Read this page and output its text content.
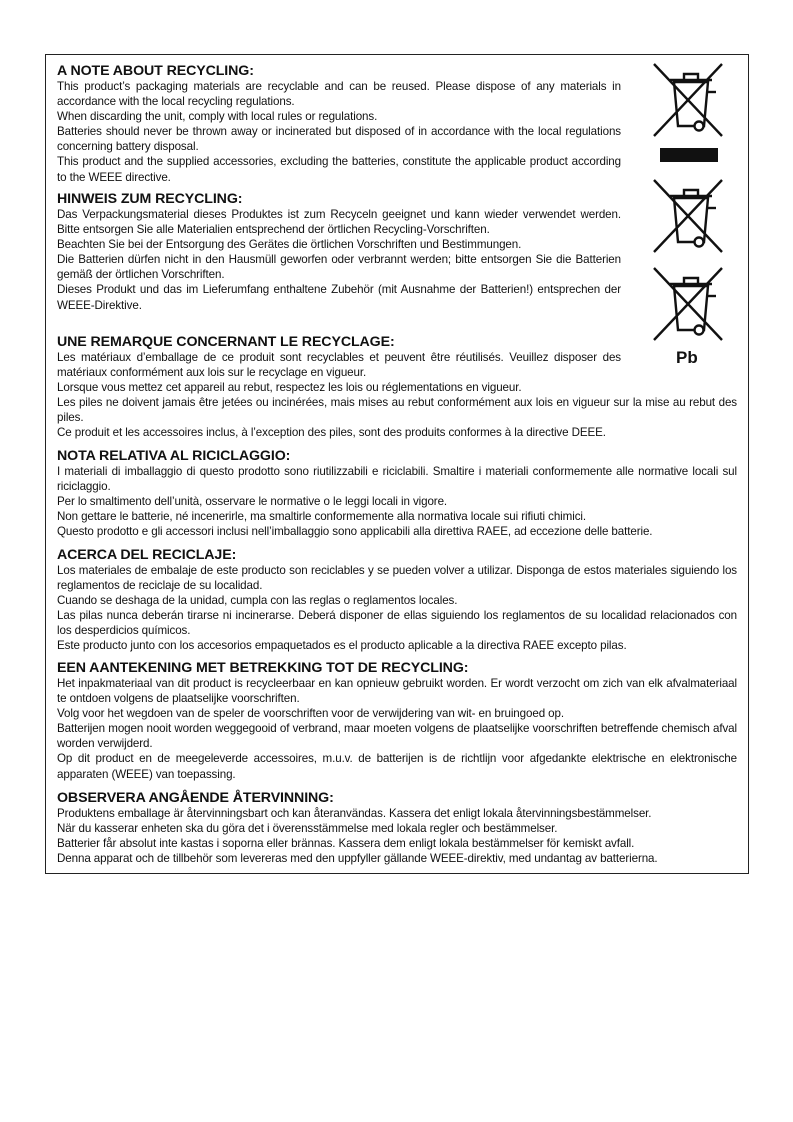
A NOTE ABOUT RECYCLING:

This product’s packaging materials are recyclable and can be reused. Please dispose of any materials in accordance with the local recycling regulations.

When discarding the unit, comply with local rules or regulations.

Batteries should never be thrown away or incinerated but disposed of in accordance with the local regulations concerning battery disposal.

This product and the supplied accessories, excluding the batteries, constitute the applicable product according to the WEEE directive.

HINWEIS ZUM RECYCLING:

Das Verpackungsmaterial dieses Produktes ist zum Recyceln geeignet und kann wieder verwendet werden. Bitte entsorgen Sie alle Materialien entsprechend der örtlichen Recycling-Vorschriften.

Beachten Sie bei der Entsorgung des Gerätes die örtlichen Vorschriften und Bestimmungen.

Die Batterien dürfen nicht in den Hausmüll geworfen oder verbrannt werden; bitte entsorgen Sie die Batterien gemäß der örtlichen Vorschriften.

Dieses Produkt und das im Lieferumfang enthaltene Zubehör (mit Ausnahme der Batterien!) entsprechen der WEEE-Direktive.

UNE REMARQUE CONCERNANT LE RECYCLAGE:

Les matériaux d’emballage de ce produit sont recyclables et peuvent être réutilisés. Veuillez disposer des matériaux conformément aux lois sur le recyclage en vigueur.

Lorsque vous mettez cet appareil au rebut, respectez les lois ou réglementations en vigueur.

Les piles ne doivent jamais être jetées ou incinérées, mais mises au rebut conformément aux lois en vigueur sur la mise au rebut des piles.

Ce produit et les accessoires inclus, à l’exception des piles, sont des produits conformes à la directive DEEE.

NOTA RELATIVA AL RICICLAGGIO:

I materiali di imballaggio di questo prodotto sono riutilizzabili e riciclabili. Smaltire i materiali conformemente alle normative locali sul riciclaggio.

Per lo smaltimento dell’unità, osservare le normative o le leggi locali in vigore.

Non gettare le batterie, né incenerirle, ma smaltirle conformemente alla normativa locale sui rifiuti chimici.

Questo prodotto e gli accessori inclusi nell’imballaggio sono applicabili alla direttiva RAEE, ad eccezione delle batterie.

ACERCA DEL RECICLAJE:

Los materiales de embalaje de este producto son reciclables y se pueden volver a utilizar. Disponga de estos materiales siguiendo los reglamentos de reciclaje de su localidad.

Cuando se deshaga de la unidad, cumpla con las reglas o reglamentos locales.

Las pilas nunca deberán tirarse ni incinerarse. Deberá disponer de ellas siguiendo los reglamentos de su localidad relacionados con los desperdicios químicos.

Este producto junto con los accesorios empaquetados es el producto aplicable a la directiva RAEE excepto pilas.

EEN AANTEKENING MET BETREKKING TOT DE RECYCLING:

Het inpakmateriaal van dit product is recycleerbaar en kan opnieuw gebruikt worden. Er wordt verzocht om zich van elk afvalmateriaal te ontdoen volgens de plaatselijke voorschriften.

Volg voor het wegdoen van de speler de voorschriften voor de verwijdering van wit- en bruingoed op.

Batterijen mogen nooit worden weggegooid of verbrand, maar moeten volgens de plaatselijke voorschriften betreffende chemisch afval worden verwijderd.

Op dit product en de meegeleverde accessoires, m.u.v. de batterijen is de richtlijn voor afgedankte elektrische en elektronische apparaten (WEEE) van toepassing.

OBSERVERA ANGÅENDE ÅTERVINNING:

Produktens emballage är återvinningsbart och kan återanvändas. Kassera det enligt lokala återvinningsbestämmelser.

När du kasserar enheten ska du göra det i överensstämmelse med lokala regler och bestämmelser.

Batterier får absolut inte kastas i soporna eller brännas. Kassera dem enligt lokala bestämmelser för kemiskt avfall.

Denna apparat och de tillbehör som levereras med den uppfyller gällande WEEE-direktiv, med undantag av batterierna.

Pb
